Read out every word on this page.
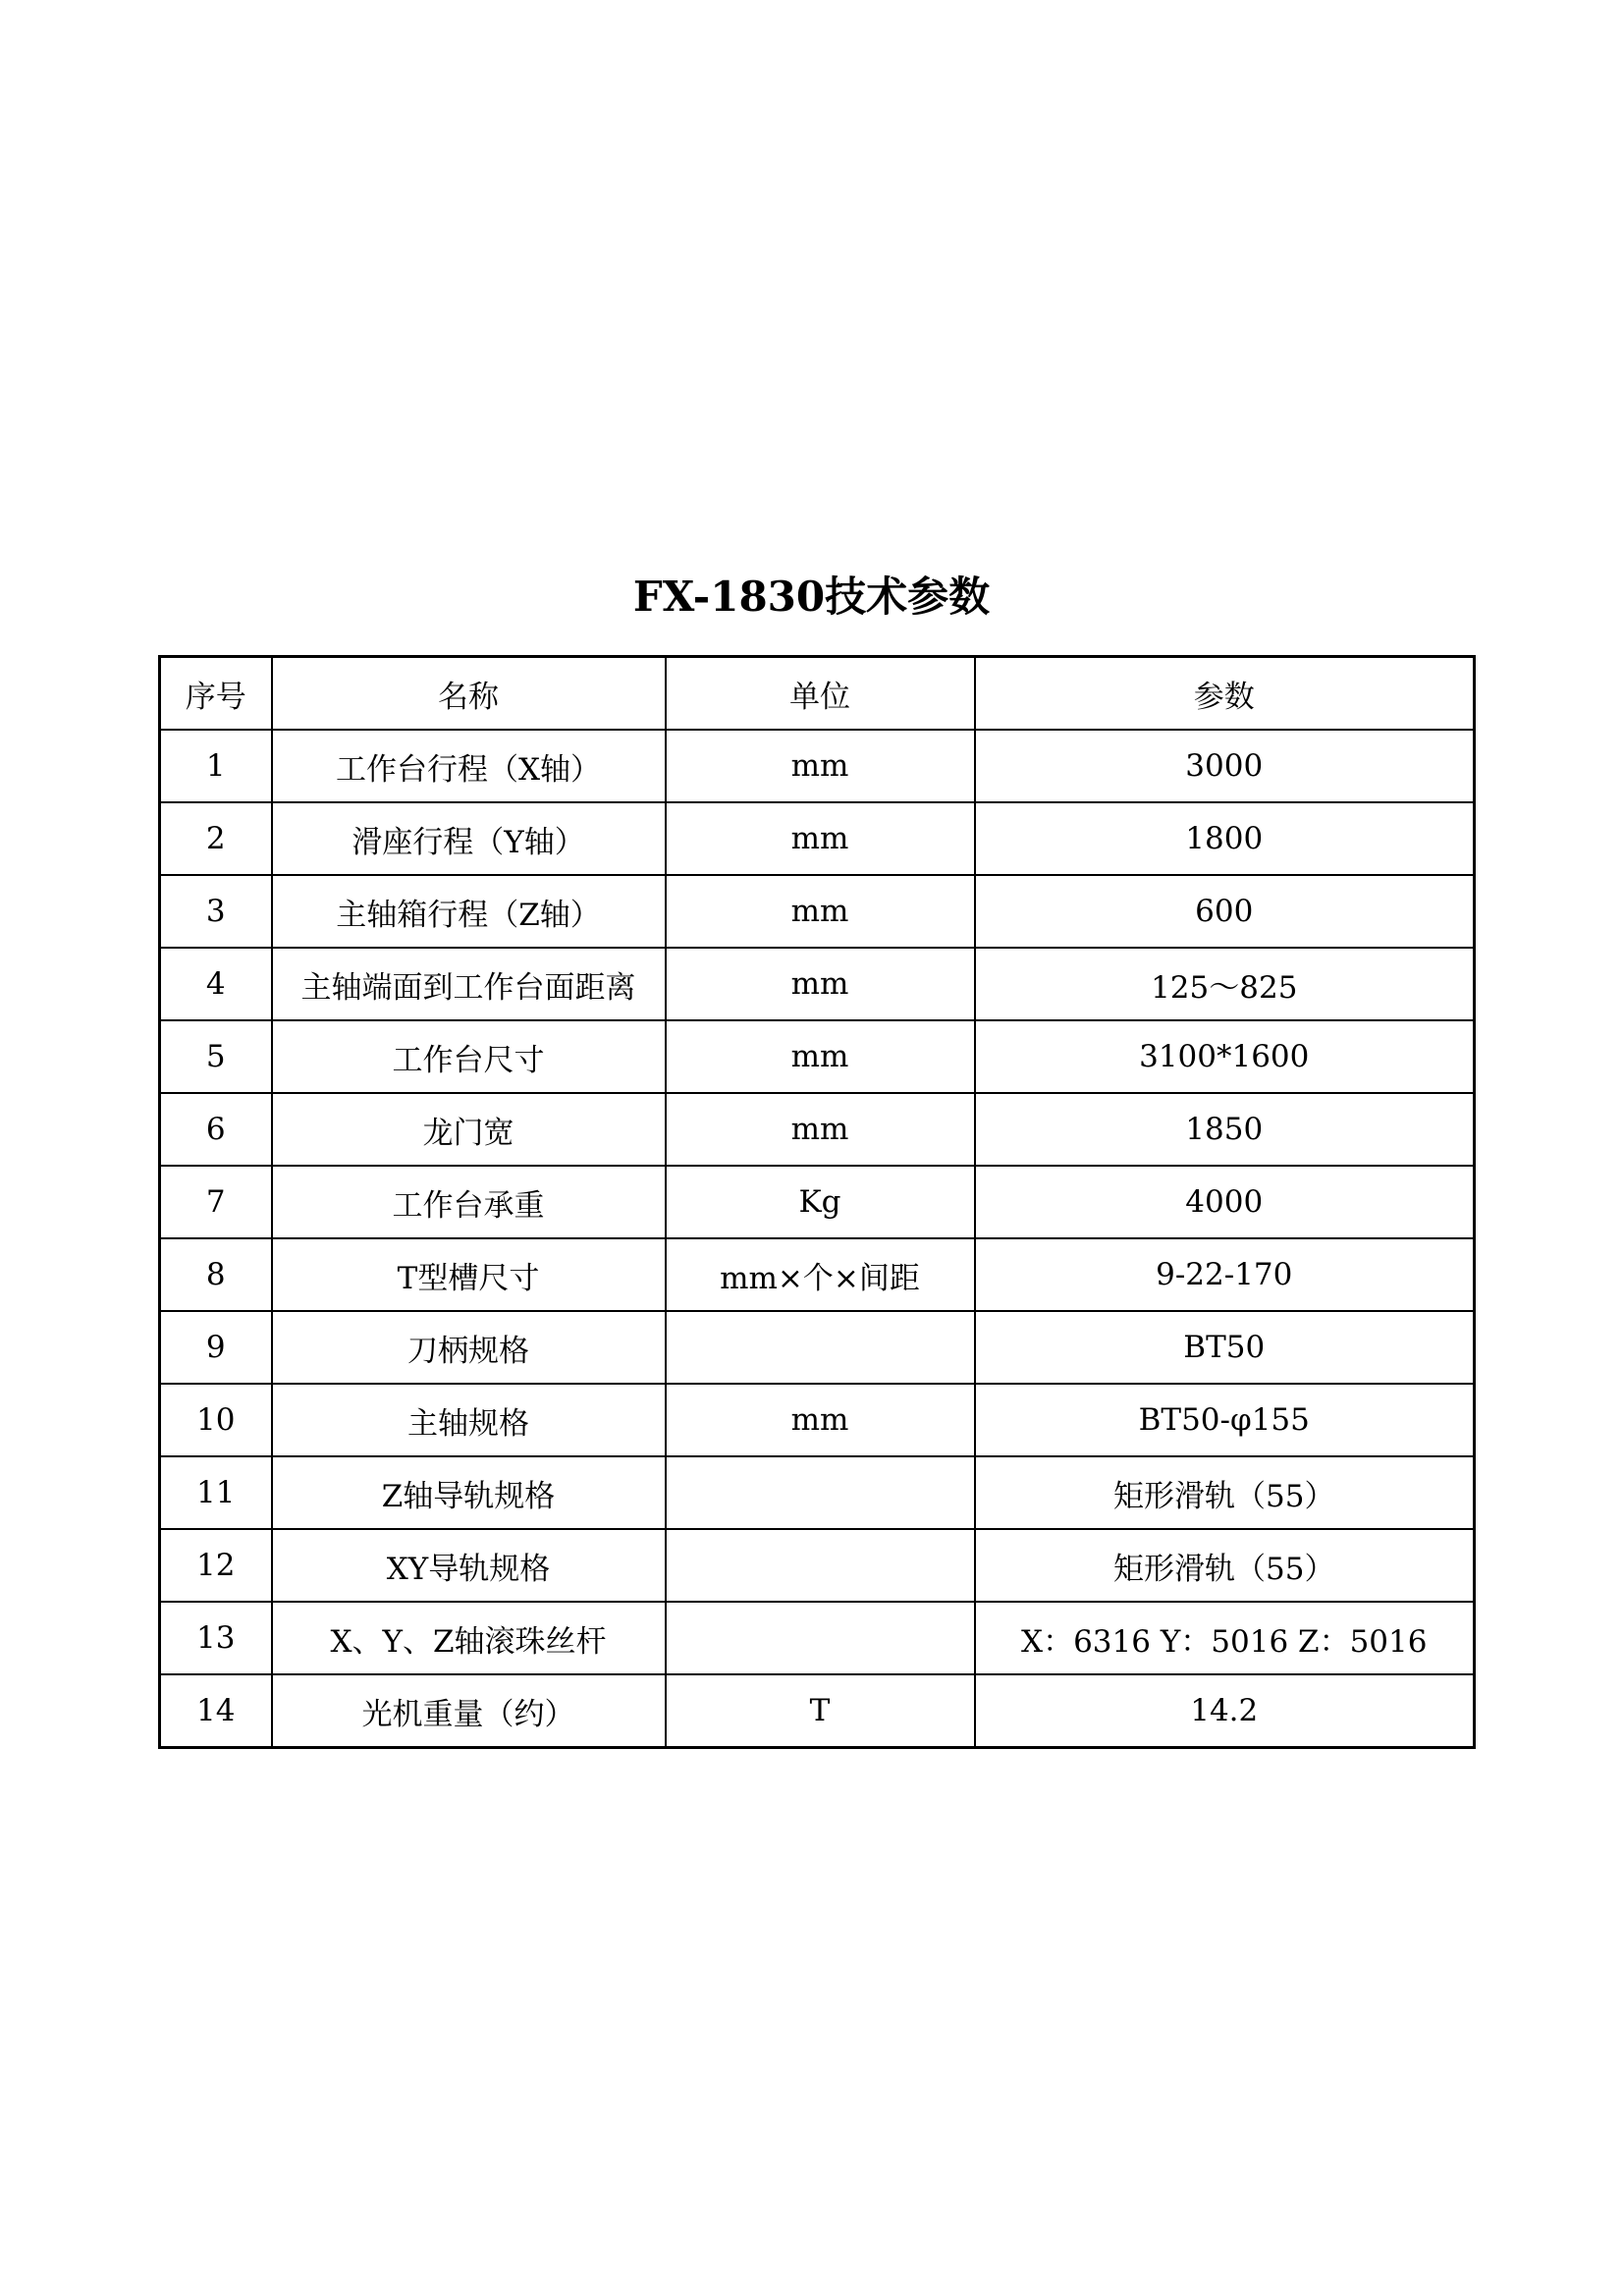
FX-1830技术参数
序号	名称	单位	参数
1	工作台行程（X轴）	mm	3000
2	滑座行程（Y轴）	mm	1800
3	主轴箱行程（Z轴）	mm	600
4	主轴端面到工作台面距离	mm	125～825
5	工作台尺寸	mm	3100*1600
6	龙门宽	mm	1850
7	工作台承重	Kg	4000
8	T型槽尺寸	mm×个×间距	9-22-170
9	刀柄规格		BT50
10	主轴规格	mm	BT50-φ155
11	Z轴导轨规格		矩形滑轨（55）
12	XY导轨规格		矩形滑轨（55）
13	X、Y、Z轴滚珠丝杆		X：6316 Y：5016 Z：5016
14	光机重量（约）	T	14.2
